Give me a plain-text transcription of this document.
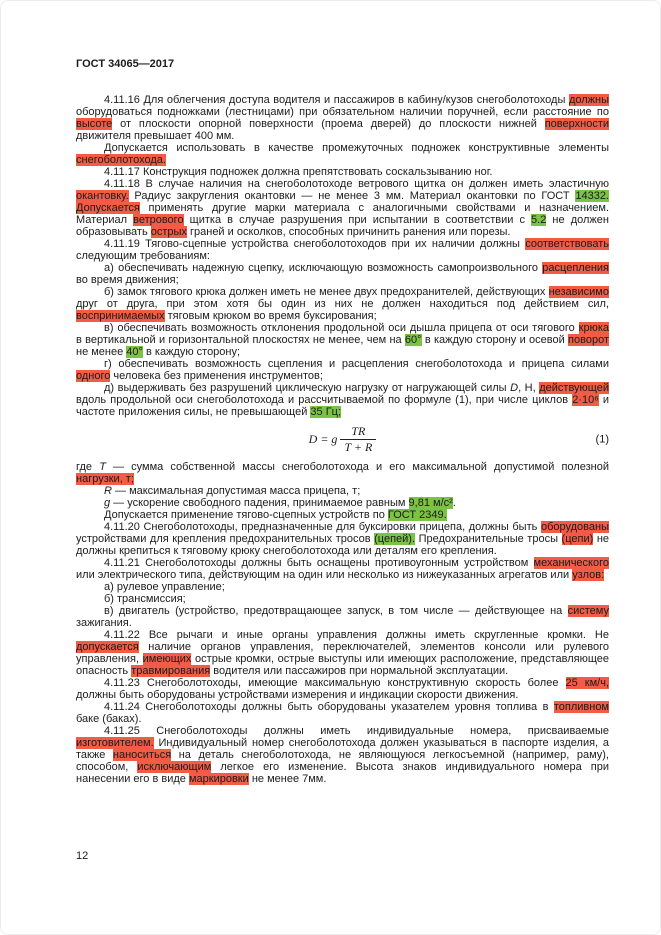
ГОСТ 34065—2017

4.11.16 Для облегчения доступа водителя и пассажиров в кабину/кузов снегоболотоходы должны оборудоваться подножками (лестницами) при обязательном наличии поручней, если расстояние по высоте от плоскости опорной поверхности (проема дверей) до плоскости нижней поверхности движителя превышает 400 мм.

Допускается использовать в качестве промежуточных подножек конструктивные элементы снегоболотохода.

4.11.17 Конструкция подножек должна препятствовать соскальзыванию ног.

4.11.18 В случае наличия на снегоболотоходе ветрового щитка он должен иметь эластичную окантовку. Радиус закругления окантовки — не менее 3 мм. Материал окантовки по ГОСТ 14332. Допускается применять другие марки материала с аналогичными свойствами и назначением. Материал ветрового щитка в случае разрушения при испытании в соответствии с 5.2 не должен образовывать острых граней и осколков, способных причинить ранения или порезы.

4.11.19 Тягово-сцепные устройства снегоболотоходов при их наличии должны соответствовать следующим требованиям:

а) обеспечивать надежную сцепку, исключающую возможность самопроизвольного расцепления во время движения;

б) замок тягового крюка должен иметь не менее двух предохранителей, действующих независимо друг от друга, при этом хотя бы один из них не должен находиться под действием сил, воспринимаемых тяговым крюком во время буксирования;

в) обеспечивать возможность отклонения продольной оси дышла прицепа от оси тягового крюка в вертикальной и горизонтальной плоскостях не менее, чем на 60° в каждую сторону и осевой поворот не менее 40° в каждую сторону;

г) обеспечивать возможность сцепления и расцепления снегоболотохода и прицепа силами одного человека без применения инструментов;

д) выдерживать без разрушений циклическую нагрузку от нагружающей силы D, Н, действующей вдоль продольной оси снегоболотохода и рассчитываемой по формуле (1), при числе циклов 2·10⁶ и частоте приложения силы, не превышающей 35 Гц;

D = g $\frac{TR}{T + R}$	(1)

где T — сумма собственной массы снегоболотохода и его максимальной допустимой полезной нагрузки, т;

R — максимальная допустимая масса прицепа, т;

g — ускорение свободного падения, принимаемое равным 9,81 м/с².

Допускается применение тягово-сцепных устройств по ГОСТ 2349.

4.11.20 Снегоболотоходы, предназначенные для буксировки прицепа, должны быть оборудованы устройствами для крепления предохранительных тросов (цепей). Предохранительные тросы (цепи) не должны крепиться к тяговому крюку снегоболотохода или деталям его крепления.

4.11.21 Снегоболотоходы должны быть оснащены противоугонным устройством механического или электрического типа, действующим на один или несколько из нижеуказанных агрегатов или узлов:

а) рулевое управление;

б) трансмиссия;

в) двигатель (устройство, предотвращающее запуск, в том числе — действующее на систему зажигания.

4.11.22 Все рычаги и иные органы управления должны иметь скругленные кромки. Не допускается наличие органов управления, переключателей, элементов консоли или рулевого управления, имеющих острые кромки, острые выступы или имеющих расположение, представляющее опасность травмирования водителя или пассажиров при нормальной эксплуатации.

4.11.23 Снегоболотоходы, имеющие максимальную конструктивную скорость более 25 км/ч, должны быть оборудованы устройствами измерения и индикации скорости движения.

4.11.24 Снегоболотоходы должны быть оборудованы указателем уровня топлива в топливном баке (баках).

4.11.25 Снегоболотоходы должны иметь индивидуальные номера, присваиваемые изготовителем. Индивидуальный номер снегоболотохода должен указываться в паспорте изделия, а также наноситься на деталь снегоболотохода, не являющуюся легкосъемной (например, раму), способом, исключающим легкое его изменение. Высота знаков индивидуального номера при нанесении его в виде маркировки не менее 7мм.

12
